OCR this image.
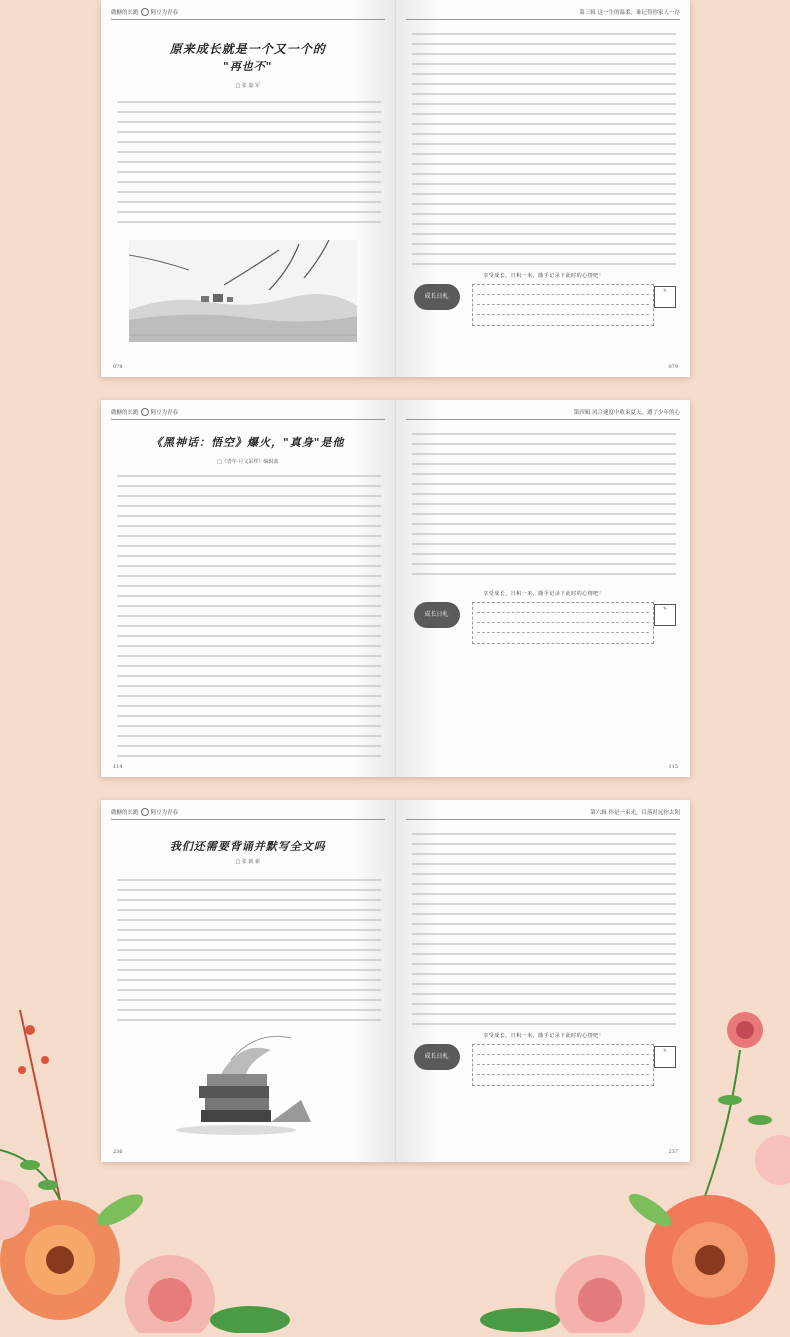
做糖的长跑 阿豆为青春
原来成长就是一个又一个的
"再也不"
□ 张 嘉 军
078
第三辑 这一生的温柔，谁记得你家人一存
享受成长，日积一米，随手记录下此时的心情吧！
成长日札
✎
079
做糖的长跑 阿豆为青春
《黑神话：悟空》爆火，"真身"是他
□《青年·月文采样》编辑部
114
第四辑 风合速度中收束夏天，遵了少年的心
享受成长，日积一米，随手记录下此时的心情吧！
成长日札
✎
115
做糖的长跑 阿豆为青春
我们还需要背诵并默写全文吗
□ 张 新 新
236
第六辑 你是一束光，目落时远你太阳
享受成长，日积一米，随手记录下此时的心情吧！
成长日札
✎
237
